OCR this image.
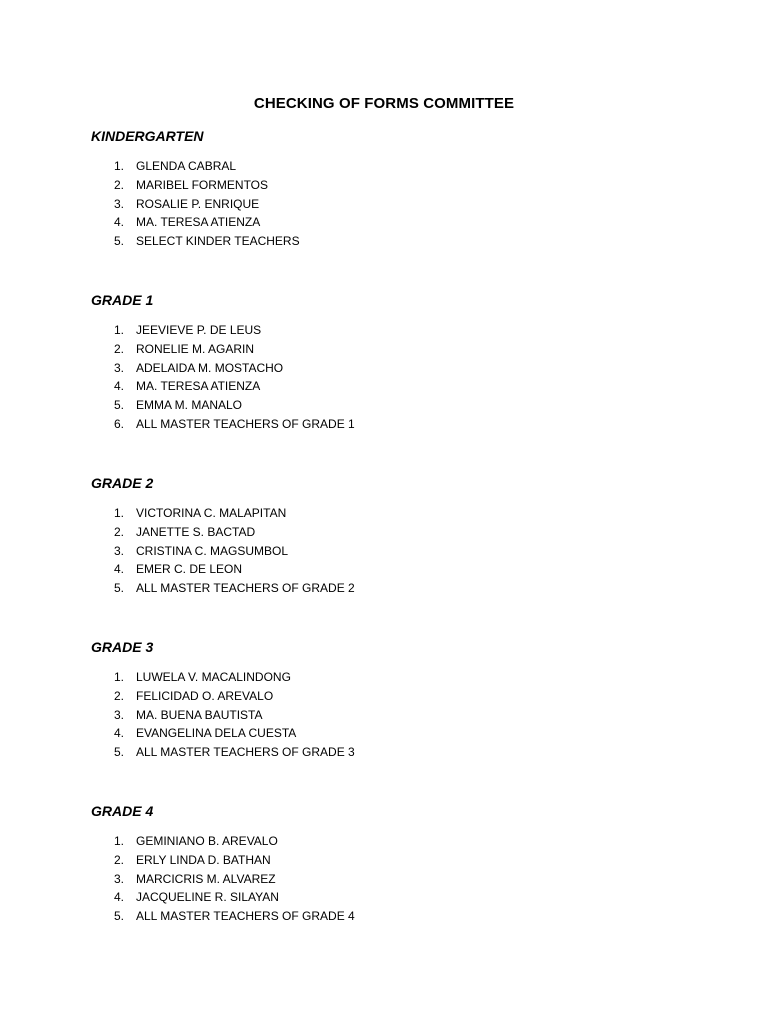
CHECKING OF FORMS COMMITTEE
KINDERGARTEN
1. GLENDA CABRAL
2. MARIBEL FORMENTOS
3. ROSALIE P. ENRIQUE
4. MA. TERESA ATIENZA
5. SELECT KINDER TEACHERS
GRADE 1
1. JEEVIEVE P. DE LEUS
2. RONELIE M. AGARIN
3. ADELAIDA M. MOSTACHO
4. MA. TERESA ATIENZA
5. EMMA M. MANALO
6. ALL MASTER TEACHERS OF GRADE 1
GRADE 2
1. VICTORINA C. MALAPITAN
2. JANETTE S. BACTAD
3. CRISTINA C. MAGSUMBOL
4. EMER C. DE LEON
5. ALL MASTER TEACHERS OF GRADE 2
GRADE 3
1. LUWELA V. MACALINDONG
2. FELICIDAD O. AREVALO
3. MA. BUENA BAUTISTA
4. EVANGELINA DELA CUESTA
5. ALL MASTER TEACHERS OF GRADE 3
GRADE 4
1. GEMINIANO B. AREVALO
2. ERLY LINDA D. BATHAN
3. MARCICRIS M. ALVAREZ
4. JACQUELINE R. SILAYAN
5. ALL MASTER TEACHERS OF GRADE 4
